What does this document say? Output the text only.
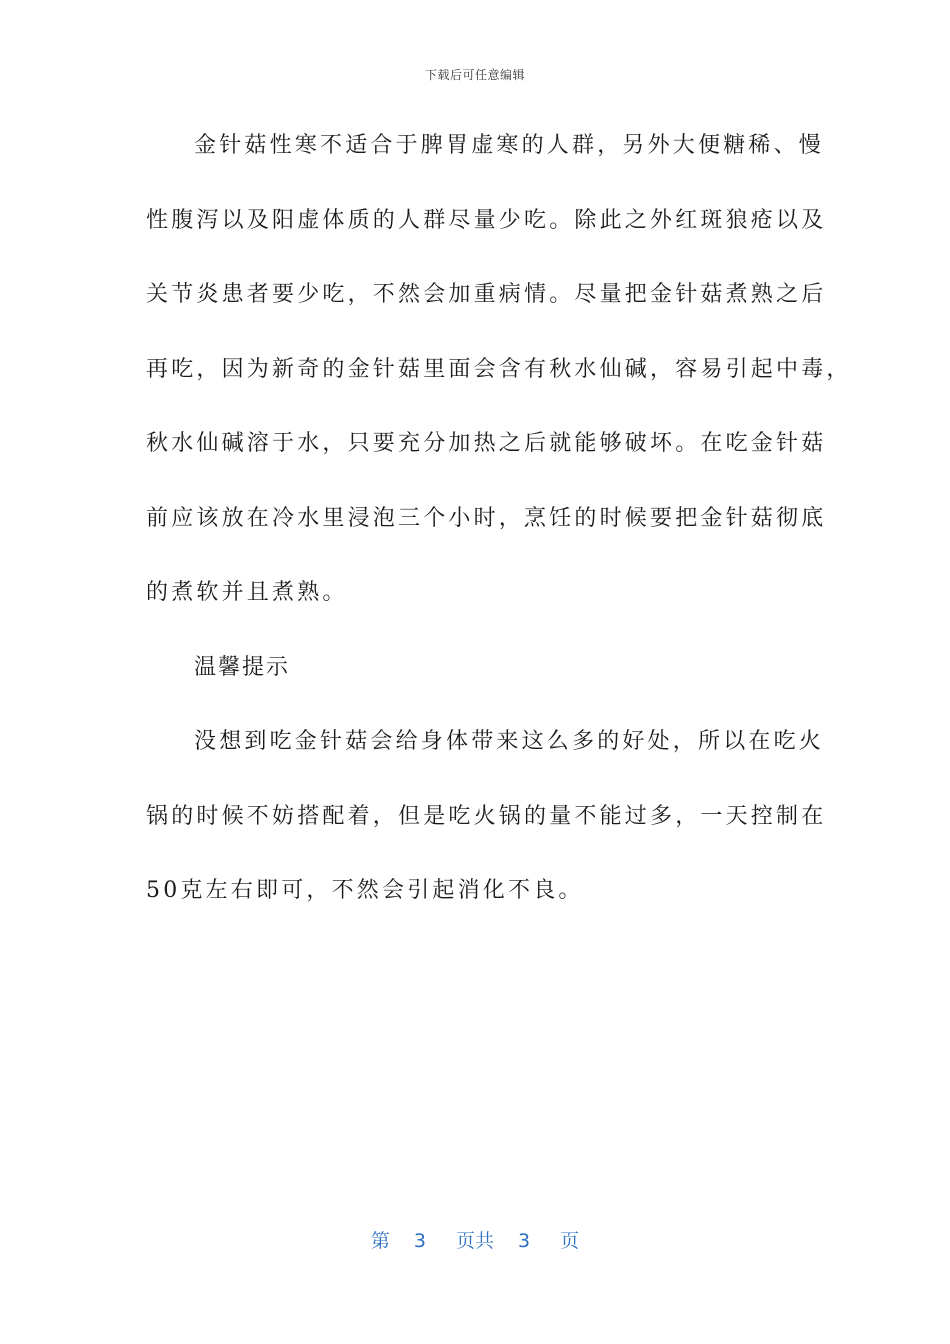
下载后可任意编辑
金针菇性寒不适合于脾胃虚寒的人群，另外大便糖稀、慢
性腹泻以及阳虚体质的人群尽量少吃。除此之外红斑狼疮以及
关节炎患者要少吃，不然会加重病情。尽量把金针菇煮熟之后
再吃，因为新奇的金针菇里面会含有秋水仙碱，容易引起中毒，
秋水仙碱溶于水，只要充分加热之后就能够破坏。在吃金针菇
前应该放在冷水里浸泡三个小时，烹饪的时候要把金针菇彻底
的煮软并且煮熟。
温馨提示
没想到吃金针菇会给身体带来这么多的好处，所以在吃火
锅的时候不妨搭配着，但是吃火锅的量不能过多，一天控制在
50克左右即可，不然会引起消化不良。
第 3 页共 3 页
